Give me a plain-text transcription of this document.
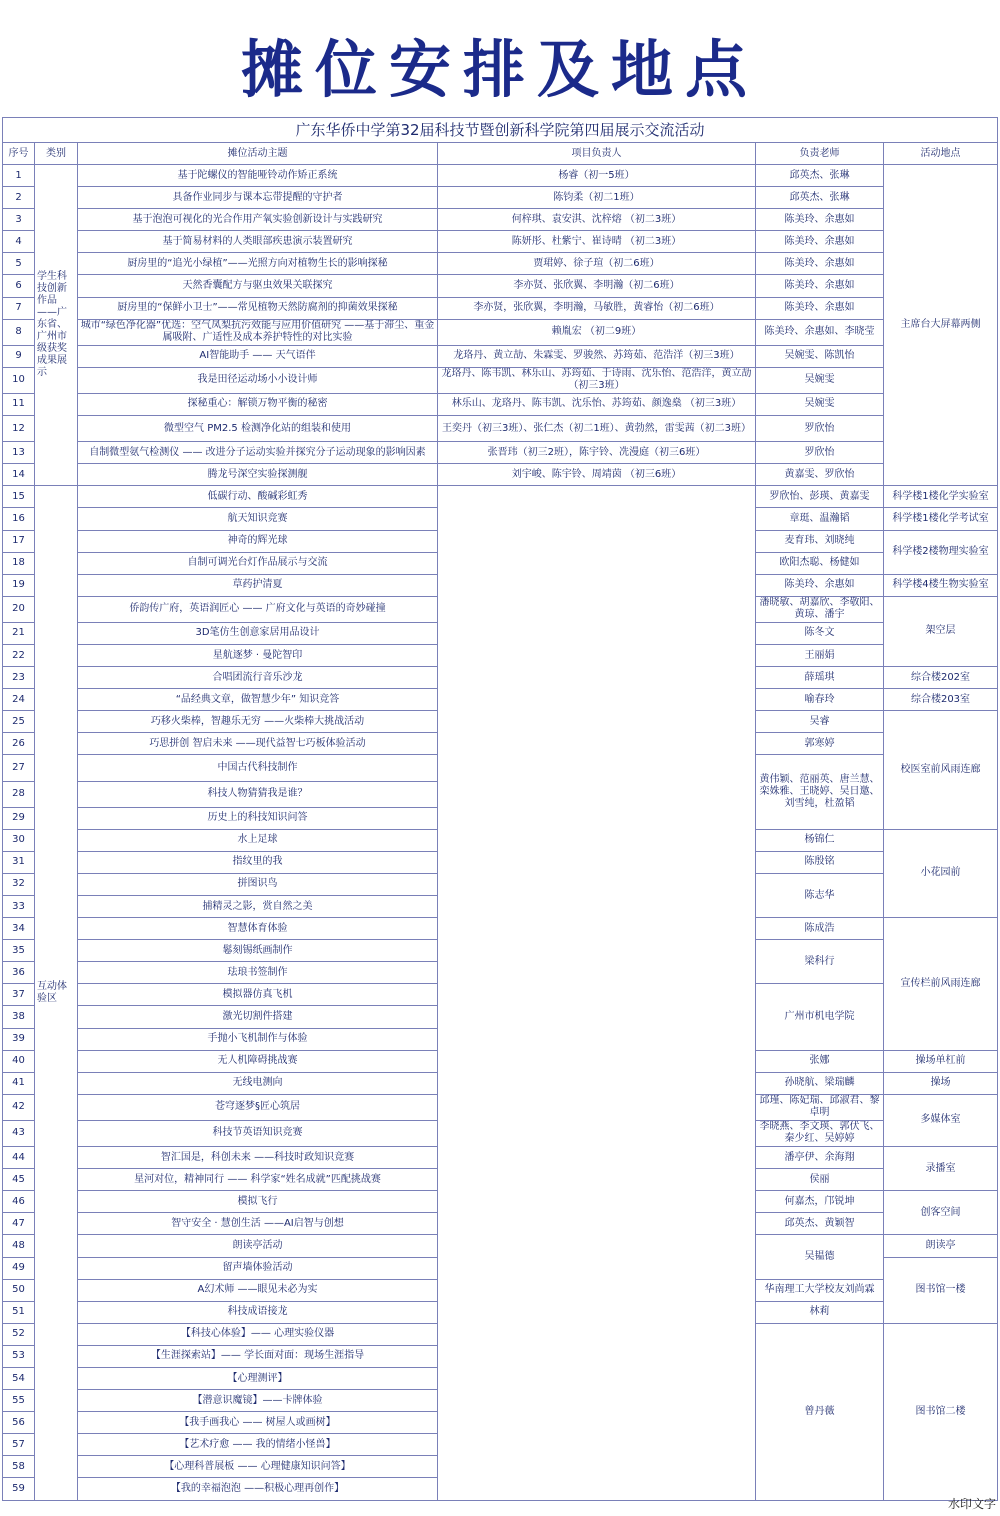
摊位安排及地点
广东华侨中学第32届科技节暨创新科学院第四届展示交流活动					
序号	类别	摊位活动主题	项目负责人	负责老师	活动地点
1	学生科技创新作品——广东省、广州市级获奖成果展示	基于陀螺仪的智能哑铃动作矫正系统	杨睿（初一5班）	邱英杰、张琳	主席台大屏幕两侧
2		具备作业同步与课本忘带提醒的守护者	陈钧柔（初二1班）	邱英杰、张琳	
3		基于泡泡可视化的光合作用产氧实验创新设计与实践研究	何梓琪、袁安淇、沈梓熔 （初二3班）	陈美玲、余惠如	
4		基于简易材料的人类眼部疾患演示装置研究	陈妍彤、杜紫宁、崔诗晴 （初二3班）	陈美玲、余惠如	
5		厨房里的“追光小绿植”——光照方向对植物生长的影响探秘	贾珺婷、徐子瑄（初二6班）	陈美玲、余惠如	
6		天然香囊配方与驱虫效果关联探究	李亦贤、张欣翼、李明瀚（初二6班）	陈美玲、余惠如	
7		厨房里的“保鲜小卫士”——常见植物天然防腐剂的抑菌效果探秘	李亦贤，张欣翼，李明瀚，马敏胜，黄睿怡（初二6班）	陈美玲、余惠如	
8		城市“绿色净化器”优选：空气凤梨抗污效能与应用价值研究 ——基于滞尘、重金属吸附、广适性及成本养护特性的对比实验	赖胤宏 （初二9班）	陈美玲、余惠如、李晓莹	
9		AI智能助手 —— 天气语伴	龙珞丹、黄立劼、朱霖雯、罗骏然、苏筠茹、范浩洋（初三3班）	吴婉雯、陈凯怡	
10		我是田径运动场小小设计师	龙珞丹、陈韦凯、林乐山、苏筠茹、于诗雨、沈乐怡、范浩洋，黄立劼（初三3班）	吴婉雯	
11		探秘重心：解锁万物平衡的秘密	林乐山、龙珞丹、陈韦凯、沈乐怡、苏筠茹、颜逸燊 （初三3班）	吴婉雯	
12		微型空气 PM2.5 检测净化站的组装和使用	王奕丹（初三3班）、张仁杰（初二1班）、黄勃然，雷雯茜（初二3班）	罗欣怡	
13		自制微型氨气检测仪 —— 改进分子运动实验并探究分子运动现象的影响因素	张晋玮（初三2班），陈宇铃、冼漫庭（初三6班）	罗欣怡	
14		腾龙号深空实验探测舰	刘宇峻、陈宇铃、周靖茵 （初三6班）	黄嘉雯、罗欣怡	
15	互动体验区	低碳行动、酸碱彩虹秀		罗欣怡、彭瑛、黄嘉雯	科学楼1楼化学实验室
16		航天知识竞赛		章珽、温瀚韬	科学楼1楼化学考试室
17		神奇的辉光球		麦育玮、刘晓纯	科学楼2楼物理实验室
18		自制可调光台灯作品展示与交流		欧阳杰聪、杨健如	
19		草药护清夏		陈美玲、余惠如	科学楼4楼生物实验室
20		侨韵传广府，英语润匠心 —— 广府文化与英语的奇妙碰撞		潘晓敏、胡嘉欣、李敬阳、黄琼、潘宇	架空层
21		3D笔仿生创意家居用品设计		陈冬文	
22		星航逐梦 · 曼陀智印		王丽娟	
23		合唱团流行音乐沙龙		薛瑶琪	综合楼202室
24		“品经典文章，做智慧少年” 知识竞答		喻春玲	综合楼203室
25		巧移火柴棒，智趣乐无穷 ——火柴棒大挑战活动		吴睿	校医室前风雨连廊
26		巧思拼创 智启未来 ——现代益智七巧板体验活动		郭寒婷	
27		中国古代科技制作		黄伟颖、范丽英、唐兰慧、栾姝雅、王晓婷、吴日邀、刘雪纯，杜盈韬	
28		科技人物猜猜我是谁？			
29		历史上的科技知识问答			
30		水上足球		杨锦仁	小花园前
31		指纹里的我		陈殷铭	
32		拼图识鸟		陈志华	
33		捕精灵之影，赏自然之美			
34		智慧体育体验		陈成浩	宣传栏前风雨连廊
35		鬈刻锡纸画制作		梁科行	
36		珐琅书签制作			
37		模拟器仿真飞机		广州市机电学院	
38		激光切割件搭建			
39		手抛小飞机制作与体验			
40		无人机障碍挑战赛		张娜	操场单杠前
41		无线电测向		孙晓航、梁瑞麟	操场
42		苍穹逐梦§匠心筑居		邱瑾、陈妃瑞、邱淑君、黎卓明	多媒体室
43		科技节英语知识竞赛		李晓燕、李文瑛、郭伏飞、秦少红、吴婷婷	
44		智汇国是，科创未来 ——科技时政知识竞赛		潘亭伊、余海翔	录播室
45		星河对位，精神同行 —— 科学家“姓名成就”匹配挑战赛		侯丽	
46		模拟飞行		何嘉杰，邝锐坤	创客空间
47		智守安全 · 慧创生活 ——AI启智与创想		邱英杰、黄颖智	
48		朗读亭活动		吴韫德	朗读亭
49		留声墙体验活动			图书馆一楼
50		A幻术师 ——眼见未必为实		华南理工大学校友刘尚霖	
51		科技成语接龙		林莉	
52		【科技心体验】—— 心理实验仪器		曾丹薇	图书馆二楼
53		【生涯探索站】—— 学长面对面：现场生涯指导			
54		【心理测评】			
55		【潜意识魔镜】——卡牌体验			
56		【我手画我心 —— 树屋人或画树】			
57		【艺术疗愈 —— 我的情绪小怪兽】			
58		【心理科普展板 —— 心理健康知识问答】			
59		【我的幸福泡泡 ——积极心理再创作】			
水印文字
